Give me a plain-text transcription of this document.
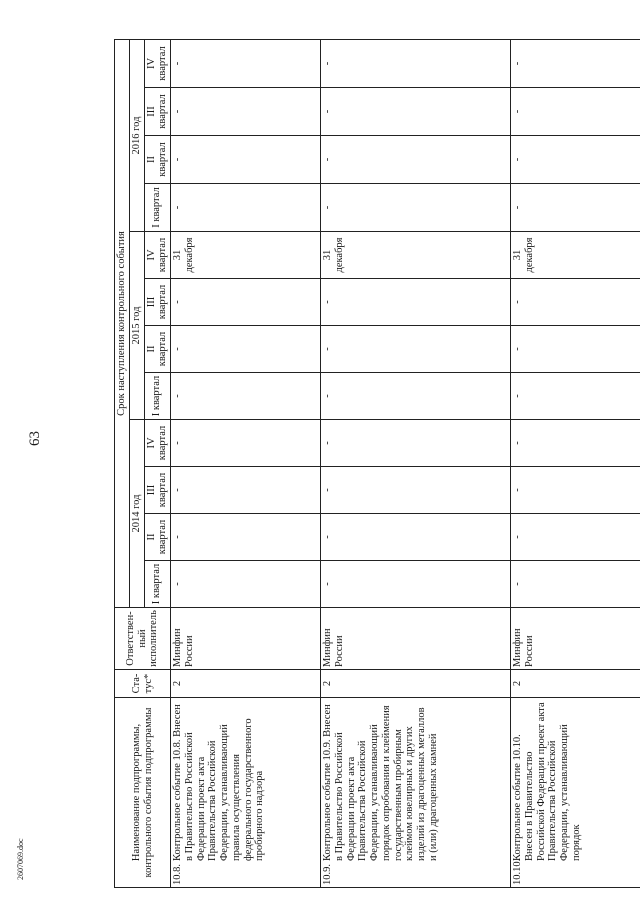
63
2607069.doc	Наименование подпрограммы, контрольного события подпрограммы	Ста-тус*	Ответствен-ный исполнитель	Срок наступления контрольного события											
			2014 год				2015 год				2016 год			
			I квартал	II квартал	III квартал	IV квартал	I квартал	II квартал	III квартал	IV квартал	I квартал	II квартал	III квартал	IV квартал

10.8.
Контрольное событие 10.8. Внесен в Правительство Российской Федерации проект акта Правительства Российской Федерации, устанавливающий правила осуществления федерального государственного пробирного надзора	2	Минфин России	-	-	-	-	-	-	-	31 декабря	-	-	-	-

10.9.
Контрольное событие 10.9. Внесен в Правительство Российской Федерации проект акта Правительства Российской Федерации, устанавливающий порядок опробования и клеймения государственным пробирным клеймом ювелирных и других изделий из драгоценных металлов и (или) драгоценных камней	2	Минфин России	-	-	-	-	-	-	-	31 декабря	-	-	-	-

10.10.
Контрольное событие 10.10. Внесен в Правительство Российской Федерации проект акта Правительства Российской Федерации, устанавливающий порядок	2	Минфин России	-	-	-	-	-	-	-	31 декабря	-	-	-	-
